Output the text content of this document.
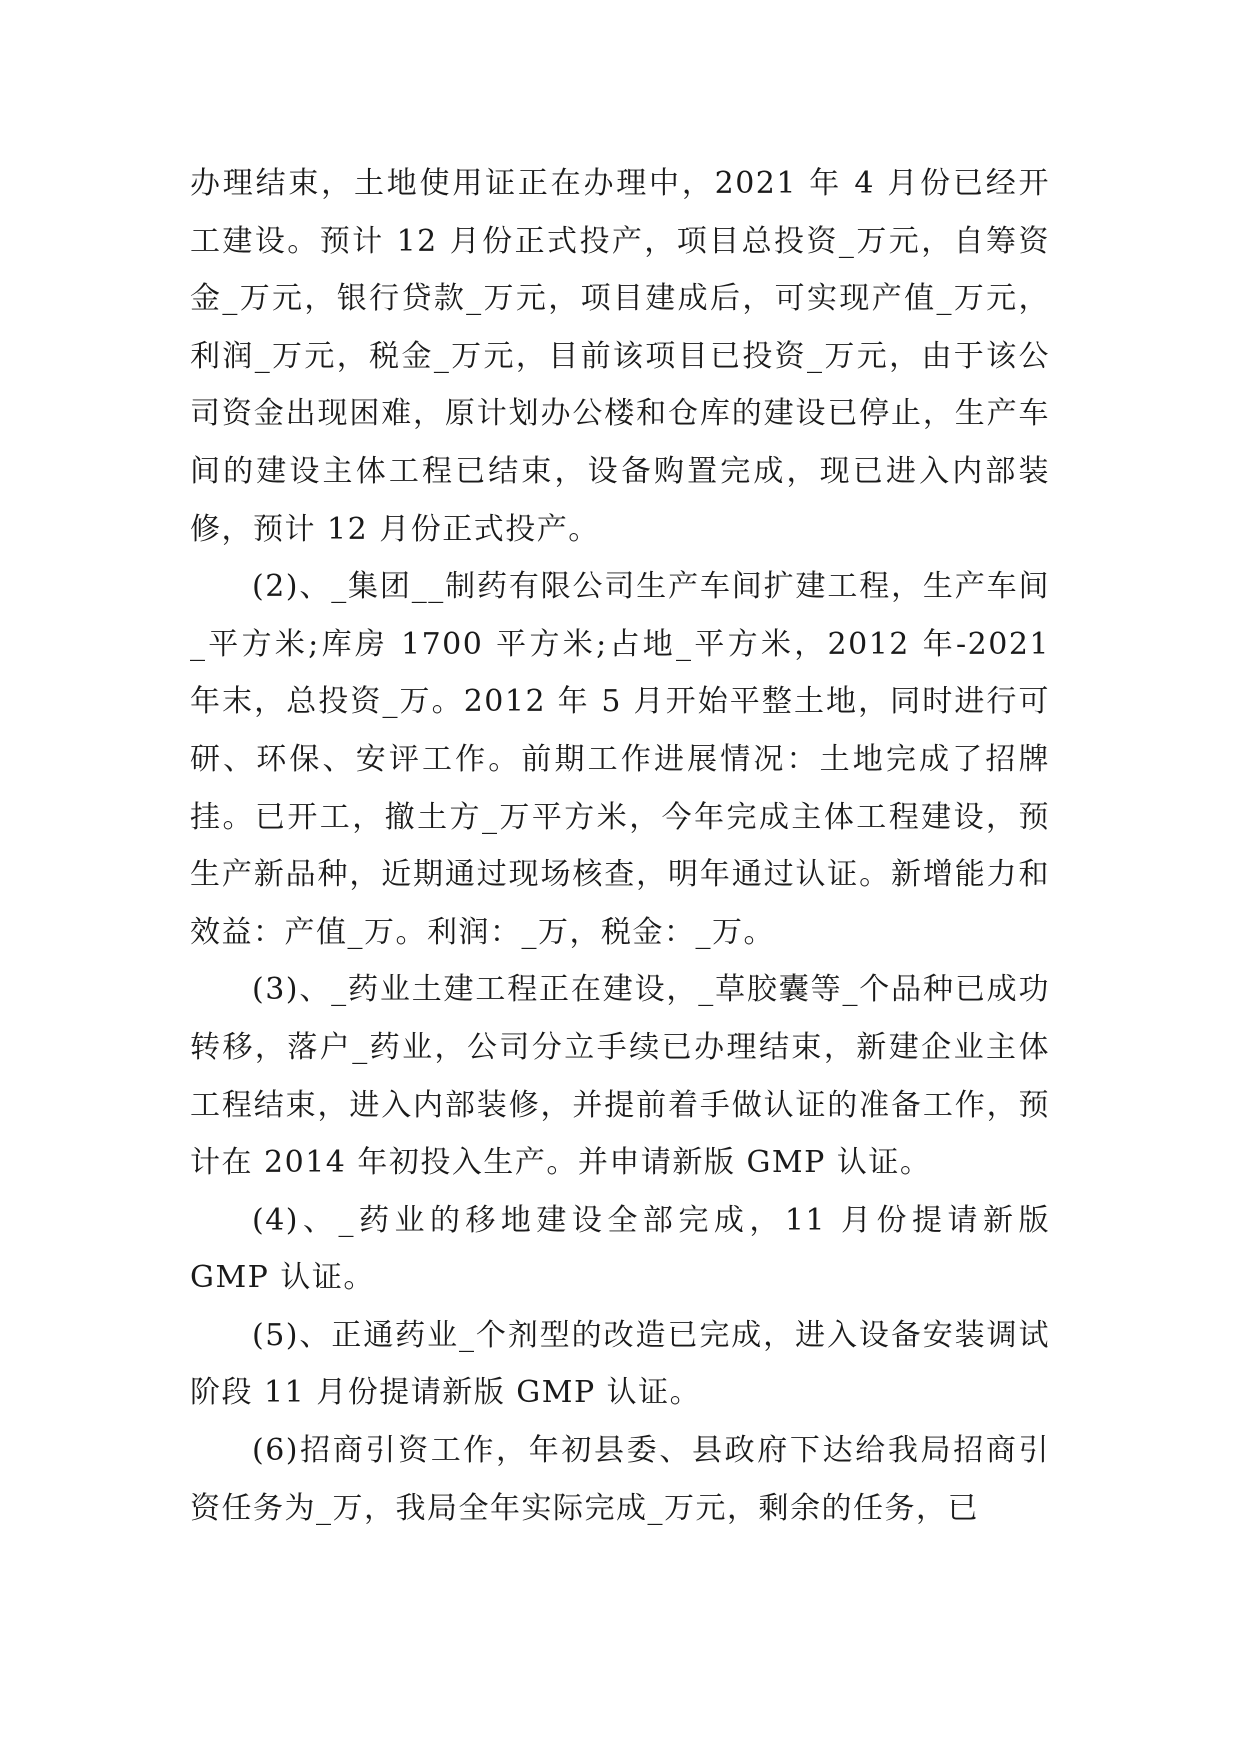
办理结束，土地使用证正在办理中，2021 年 4 月份已经开工建设。预计 12 月份正式投产，项目总投资_万元，自筹资金_万元，银行贷款_万元，项目建成后，可实现产值_万元，利润_万元，税金_万元，目前该项目已投资_万元，由于该公司资金出现困难，原计划办公楼和仓库的建设已停止，生产车间的建设主体工程已结束，设备购置完成，现已进入内部装修，预计 12 月份正式投产。

(2)、_集团__制药有限公司生产车间扩建工程，生产车间_平方米;库房 1700 平方米;占地_平方米，2012 年-2021 年末，总投资_万。2012 年 5 月开始平整土地，同时进行可研、环保、安评工作。前期工作进展情况：土地完成了招牌挂。已开工，撤土方_万平方米，今年完成主体工程建设，预生产新品种，近期通过现场核查，明年通过认证。新增能力和效益：产值_万。利润：_万，税金：_万。

(3)、_药业土建工程正在建设，_草胶囊等_个品种已成功转移，落户_药业，公司分立手续已办理结束，新建企业主体工程结束，进入内部装修，并提前着手做认证的准备工作，预计在 2014 年初投入生产。并申请新版 GMP 认证。

(4)、_药业的移地建设全部完成，11 月份提请新版 GMP 认证。

(5)、正通药业_个剂型的改造已完成，进入设备安装调试阶段 11 月份提请新版 GMP 认证。

(6)招商引资工作，年初县委、县政府下达给我局招商引资任务为_万，我局全年实际完成_万元，剩余的任务，已
